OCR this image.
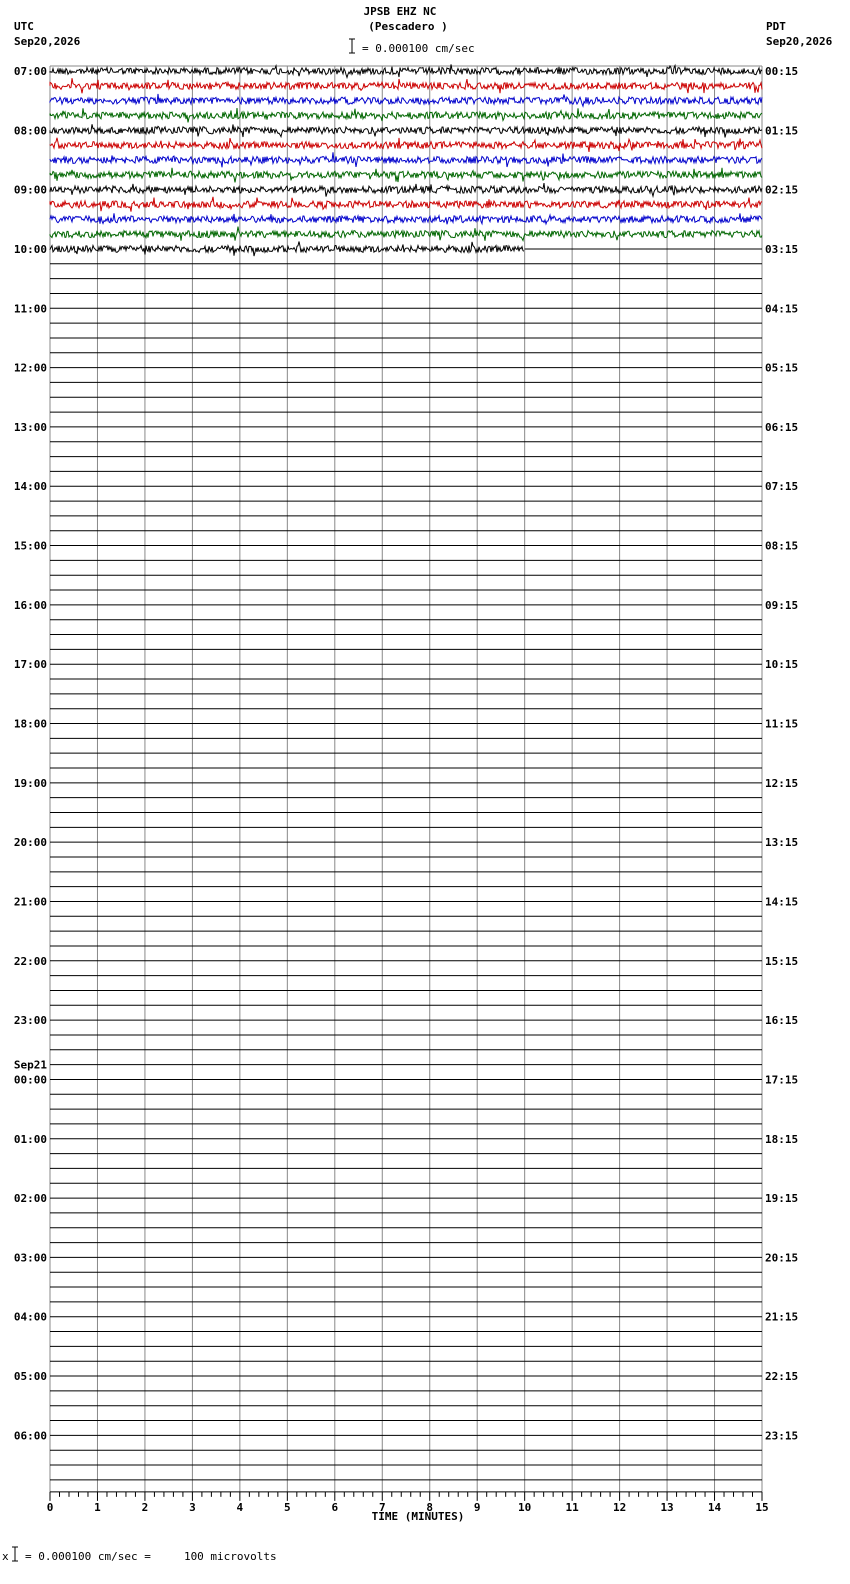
JPSB EHZ NC
(Pescadero )
= 0.000100 cm/sec
UTC
Sep20,2026
PDT
Sep20,2026
07:00
08:00
09:00
10:00
11:00
12:00
13:00
14:00
15:00
16:00
17:00
18:00
19:00
20:00
21:00
22:00
23:00
00:00
Sep21
01:00
02:00
03:00
04:00
05:00
06:00
00:15
01:15
02:15
03:15
04:15
05:15
06:15
07:15
08:15
09:15
10:15
11:15
12:15
13:15
14:15
15:15
16:15
17:15
18:15
19:15
20:15
21:15
22:15
23:15
0	1	2	3	4	5	6	7	8	9	10	11	12	13	14	15
TIME (MINUTES)
x = 0.000100 cm/sec =     100 microvolts
